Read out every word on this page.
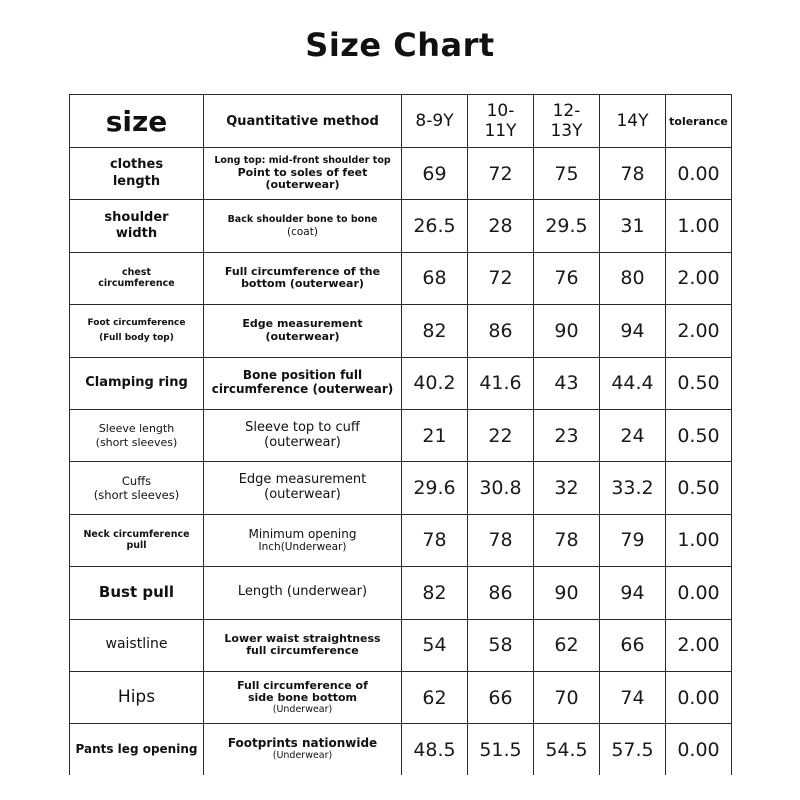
Size Chart
size	Quantitative method	8-9Y	10-11Y	12-13Y	14Y	tolerance

clothes
length	Long top: mid-front shoulder top
Point to soles of feet
(outerwear)	69	72	75	78	0.00

shoulder
width	Back shoulder bone to bone
(coat)	26.5	28	29.5	31	1.00

chest
circumference	Full circumference of the
bottom (outerwear)	68	72	76	80	2.00

Foot circumference
(Full body top)	Edge measurement
(outerwear)	82	86	90	94	2.00

Clamping ring	Bone position full
circumference (outerwear)	40.2	41.6	43	44.4	0.50

Sleeve length
(short sleeves)	Sleeve top to cuff
(outerwear)	21	22	23	24	0.50

Cuffs
(short sleeves)	Edge measurement
(outerwear)	29.6	30.8	32	33.2	0.50

Neck circumference pull	Minimum opening
Inch(Underwear)	78	78	78	79	1.00

Bust pull	Length (underwear)	82	86	90	94	0.00

waistline	Lower waist straightness
full circumference	54	58	62	66	2.00

Hips	Full circumference of
side bone bottom
(Underwear)	62	66	70	74	0.00

Pants leg opening	Footprints nationwide
(Underwear)	48.5	51.5	54.5	57.5	0.00
